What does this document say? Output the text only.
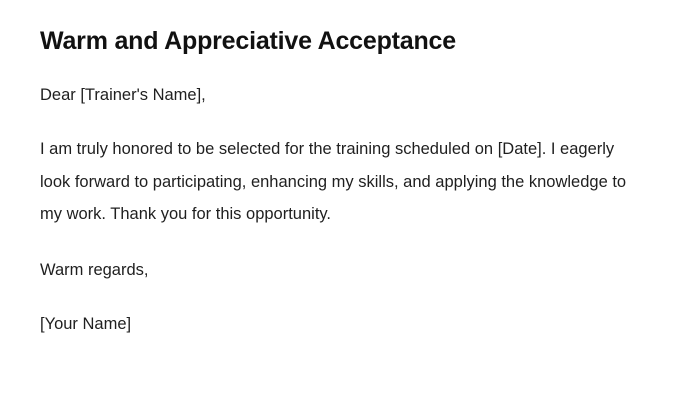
Warm and Appreciative Acceptance

Dear [Trainer's Name],

I am truly honored to be selected for the training scheduled on [Date]. I eagerly look forward to participating, enhancing my skills, and applying the knowledge to my work. Thank you for this opportunity.

Warm regards,

[Your Name]
